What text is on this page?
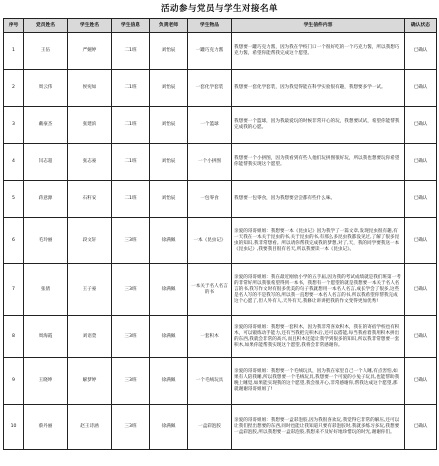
活动参与党员与学生对接名单
序号	党员姓名	学生姓名	学生信息	负责老师	学生物品	学生信件内容	确认状态
1	王伍	严婉婷	二1班	刘怡辰	一罐巧克力酱	我想要一罐巧克力酱，因为我在学校门口一个很好吃的一个巧克力酱，所以我想巧克力酱，希望你能帮我完成这个愿望。	已确认
2	周云伟	侯宛如	二1班	刘怡辰	一套化学套装	我想要一套化学套装，因为我觉得能在科学实验很有趣，我想要多学一试。	已确认
3	戴豪杰	张建滨	二1班	刘怡辰	一个篮球	我想要一个篮球，因为我最爱玩的时候非常开心的玩，我想要试试，希望你能帮我完成我的心愿。	已确认
4	闫志超	张志豪	二1班	刘怡辰	一个小拼图	我想要一个小拼图，因为我看到有些人他们玩拼图很好玩，所以我也想要玩你希望你能帮我实现这个愿望。	已确认
5	蒋意源	石籽安	二1班	刘怡辰	一包零食	我想要一包零食，因为我想要尝尝都有些什么味。	已确认
6	毛玲丽	段文轩	三3班	徐满佩	一本《昆虫记》	亲爱的哥哥姐姐：我想要一本《昆虫记》因为我学了一篇文章,发现昆虫很有趣,有一天我在一本关于昆虫的书,关于昆虫的书,有那么多昆虫我都没见过,了解了很多昆虫的知识,我非常想看。所以请你帮我完成我的梦想,对了,天，我的同学要我送一本《昆虫记》,我要我目很有名天,所以我要读一本《昆虫记》。	已确认
7	张倩	王子豪	三3班	徐满佩	一本关于名人名言的书	亲爱的哥哥姐姐：我在最近刚放小学的五手届,因为我的考试成绩就是我们班第一考的非常好所以我很希望得到一本书，我想有一个愿望的就是我想要一本关于名人名言的书,我写作文时有很多优美的句子我就想用一本名人名言,成长学会了很多,这些是名人写的不是我写的,所以我一直想要一本名人名言的书,所以我希望你帮我完成这个心愿了,但人外有人,天外有天,我修让讲讲把我的作文变得更加优秀!	已确认
8	周海霞	刘语萱	三3班	徐满佩	一套积木	亲爱的哥哥姐姐：我想要一套积木，因为我非常喜欢积木，我在的寄宿学校也有积木，可以锻炼动手能力,还有当我把完积木后,还可以搭能,每当我看着我用积木拼出的东西,我就会非常的高兴,而且积木还能让我学到很多的知识,所以我非常想要一套积木,如果你能帮我实现这个愿望,我将会非常感谢你。	已确认
9	王晓坤	解梦婷	三3班	徐满佩	一个毛绒玩具	亲爱的哥哥姐姐：我想要一个毛绒玩具，因为我在家里自己一个人睡,有点害怕,如果有人陪我睡,所以我想要一个毛绒玩具,我想要一个可爱的小兔子玩具,也能帮助我晚上睡觉,如果能实现我的这个愿望,我会很开心,非常感谢你,帮我达成这个愿望,那就谢谢哥哥姐姐了!	已确认
10	蔡丹丽	赵王诗涵	三3班	徐满佩	一盒彩泡胶	亲爱的哥哥姐姐：我想要一盒彩泡胶,因为我很喜欢玩,我觉得它非常的解压,还可以让我们捏出想要的东西,同时也能让我知道只要有彩泡胶时,我就多练习多玩,我想要一盒彩泡胶,所以我想要一盒彩泡胶,我想来不及好好地珍惜玩的时光,谢谢你们。	已确认
